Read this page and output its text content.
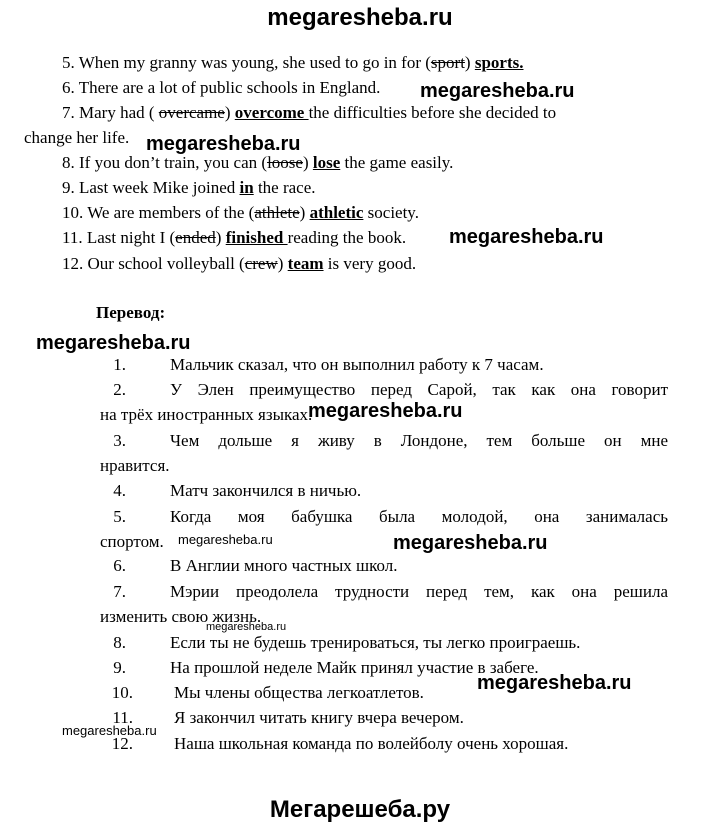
megaresheba.ru
5. When my granny was young, she used to go in for (sport) sports.
6. There are a lot of public schools in England. megaresheba.ru
7. Mary had ( overcame) overcome the difficulties before she decided to
change her life. megaresheba.ru
8. If you don’t train, you can (loose) lose the game easily.
9. Last week Mike joined in the race.
10. We are members of the (athlete) athletic society.
11. Last night I (ended) finished reading the book. megaresheba.ru
12. Our school volleyball (crew) team is very good.
Перевод:
megaresheba.ru
1.	Мальчик сказал, что он выполнил работу к 7 часам.
2.	У Элен преимущество перед Сарой, так как она говорит
на трёх иностранных языках.
megaresheba.ru
3.	Чем дольше я живу в Лондоне, тем больше он мне
нравится.
4.	Матч закончился в ничью.
5.	Когда моя бабушка была молодой, она занималась
спортом. megaresheba.ru	megaresheba.ru
6.	В Англии много частных школ.
7.	Мэрии преодолела трудности перед тем, как она решила
изменить свою жизнь.
megaresheba.ru
8.	Если ты не будешь тренироваться, ты легко проиграешь.
9.	На прошлой неделе Майк принял участие в забеге.
megaresheba.ru
10. Мы члены общества легкоатлетов.
11. Я закончил читать книгу вчера вечером.
megaresheba.ru
12. Наша школьная команда по волейболу очень хорошая.
Мегарешеба.ру
